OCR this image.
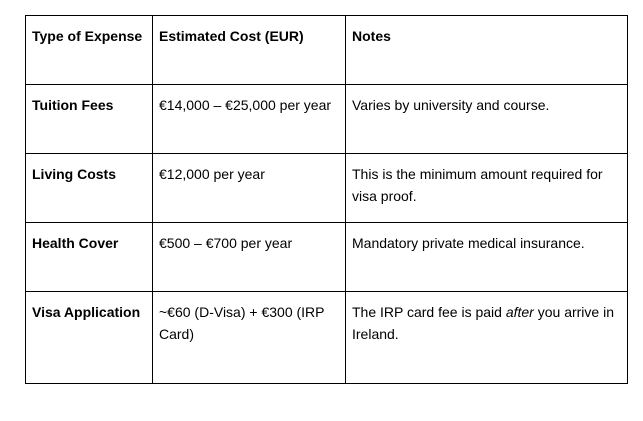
Type of Expense	Estimated Cost (EUR)	Notes
Tuition Fees	€14,000 – €25,000 per year	Varies by university and course.
Living Costs	€12,000 per year	This is the minimum amount required for visa proof.
Health Cover	€500 – €700 per year	Mandatory private medical insurance.
Visa Application	~€60 (D-Visa) + €300 (IRP Card)	The IRP card fee is paid after you arrive in Ireland.
